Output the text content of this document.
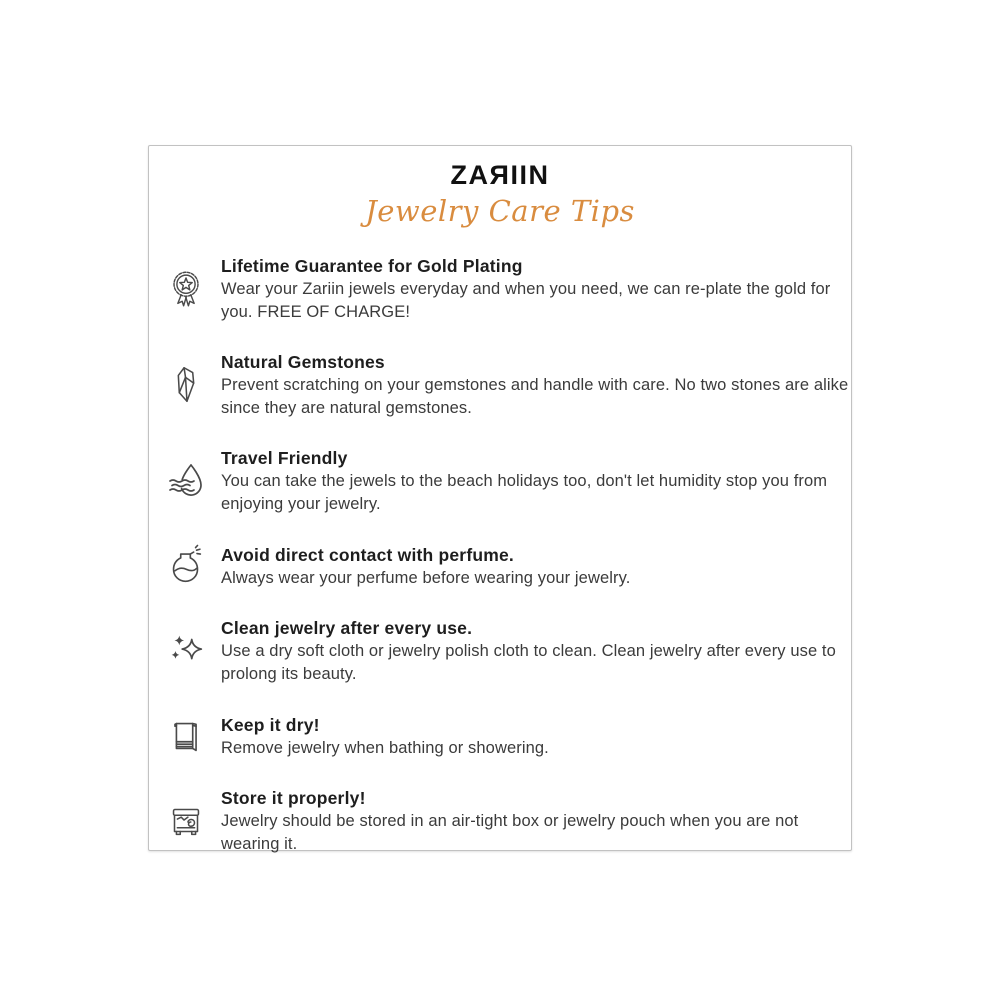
ZAЯIIN
Jewelry Care Tips
Lifetime Guarantee for Gold Plating
Wear your Zariin jewels everyday and when you need, we can re-plate the gold for you. FREE OF CHARGE!
Natural Gemstones
Prevent scratching on your gemstones and handle with care. No two stones are alike since they are natural gemstones.
Travel Friendly
You can take the jewels to the beach holidays too, don't let humidity stop you from enjoying your jewelry.
Avoid direct contact with perfume.
Always wear your perfume before wearing your jewelry.
Clean jewelry after every use.
Use a dry soft cloth or jewelry polish cloth to clean. Clean jewelry after every use to prolong its beauty.
Keep it dry!
Remove jewelry when bathing or showering.
Store it properly!
Jewelry should be stored in an air-tight box or jewelry pouch when you are not wearing it.
